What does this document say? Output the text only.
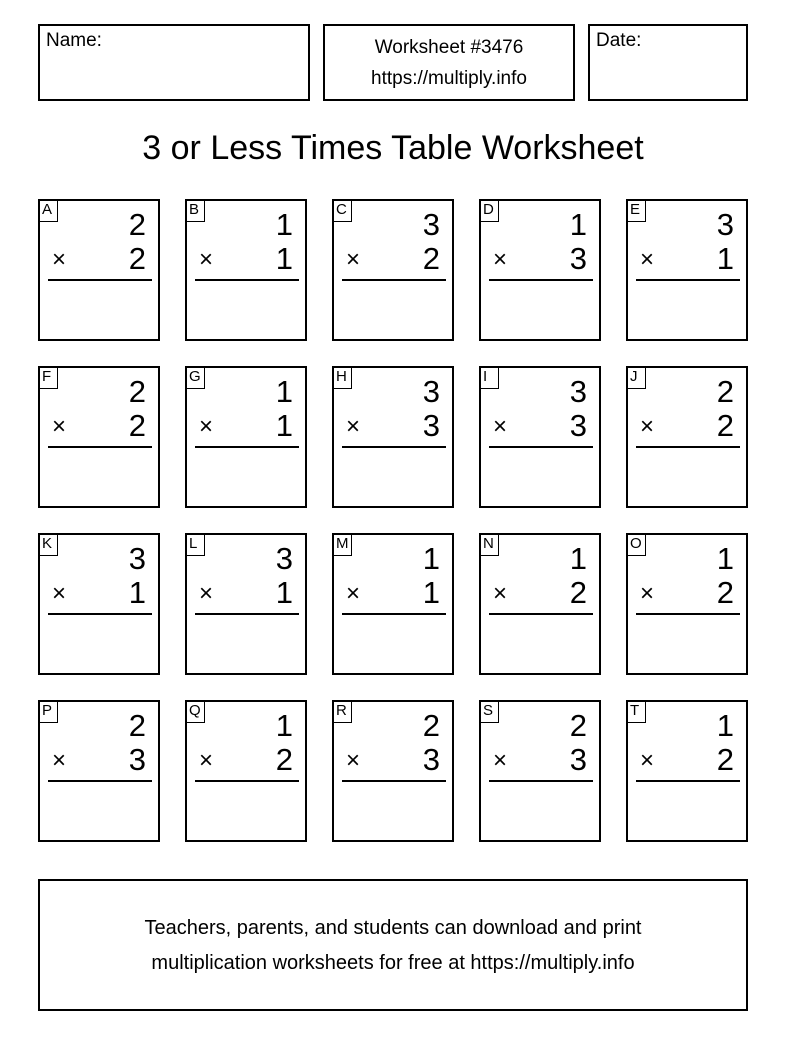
Name:	Worksheet #3476
https://multiply.info
Date:
3 or Less Times Table Worksheet
A 2
× 2
B 1
× 1
C 3
× 2
D 1
× 3
E 3
× 1
F	2
× 2
G 1
× 1
H 3
× 3
I	3
× 3
J	2
× 2
K 3
× 1
L	3
× 1
M 1
× 1
N 1
× 2
O 1
× 2
P 2
× 3
Q 1
× 2
R 2
× 3
S 2
× 3
T	1
× 2
Teachers, parents, and students can download and print
multiplication worksheets for free at https://multiply.info
